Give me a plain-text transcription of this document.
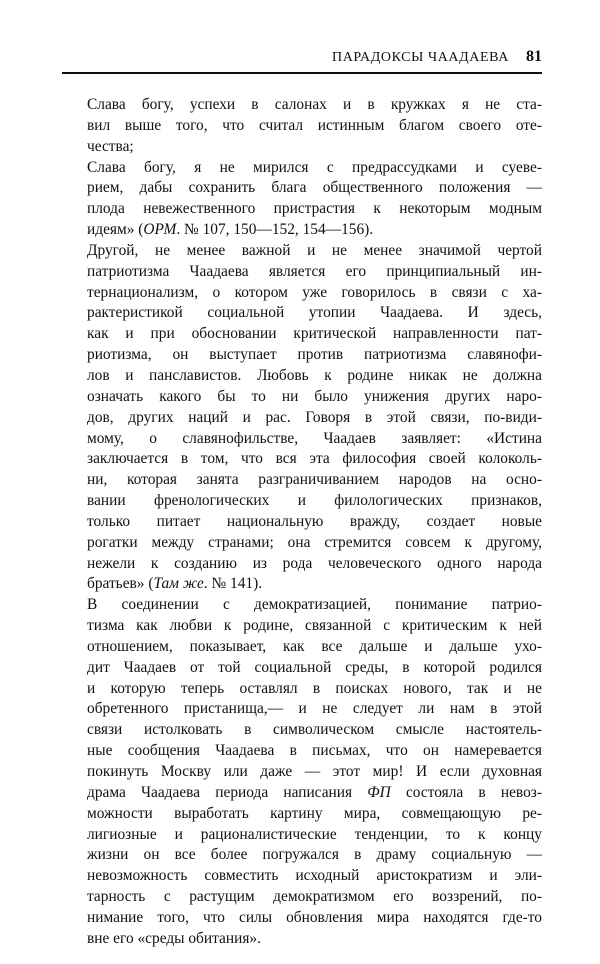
ПАРАДОКСЫ ЧААДАЕВА 81

Слава богу, успехи в салонах и в кружках я не ста-
вил выше того, что считал истинным благом своего оте-
чества;

Слава богу, я не мирился с предрассудками и суеве-
рием, дабы сохранить блага общественного положения —
плода невежественного пристрастия к некоторым модным
идеям» (ОРМ. № 107, 150—152, 154—156).

Другой, не менее важной и не менее значимой чертой
патриотизма Чаадаева является его принципиальный ин-
тернационализм, о котором уже говорилось в связи с ха-
рактеристикой социальной утопии Чаадаева. И здесь,
как и при обосновании критической направленности пат-
риотизма, он выступает против патриотизма славянофи-
лов и панславистов. Любовь к родине никак не должна
означать какого бы то ни было унижения других наро-
дов, других наций и рас. Говоря в этой связи, по-види-
мому, о славянофильстве, Чаадаев заявляет: «Истина
заключается в том, что вся эта философия своей колоколь-
ни, которая занята разграничиванием народов на осно-
вании френологических и филологических признаков,
только питает национальную вражду, создает новые
рогатки между странами; она стремится совсем к другому,
нежели к созданию из рода человеческого одного народа
братьев» (Там же. № 141).

В соединении с демократизацией, понимание патрио-
тизма как любви к родине, связанной с критическим к ней
отношением, показывает, как все дальше и дальше ухо-
дит Чаадаев от той социальной среды, в которой родился
и которую теперь оставлял в поисках нового, так и не
обретенного пристанища,— и не следует ли нам в этой
связи истолковать в символическом смысле настоятель-
ные сообщения Чаадаева в письмах, что он намеревается
покинуть Москву или даже — этот мир! И если духовная
драма Чаадаева периода написания ФП состояла в невоз-
можности выработать картину мира, совмещающую ре-
лигиозные и рационалистические тенденции, то к концу
жизни он все более погружался в драму социальную —
невозможность совместить исходный аристократизм и эли-
тарность с растущим демократизмом его воззрений, по-
нимание того, что силы обновления мира находятся где-то
вне его «среды обитания».
